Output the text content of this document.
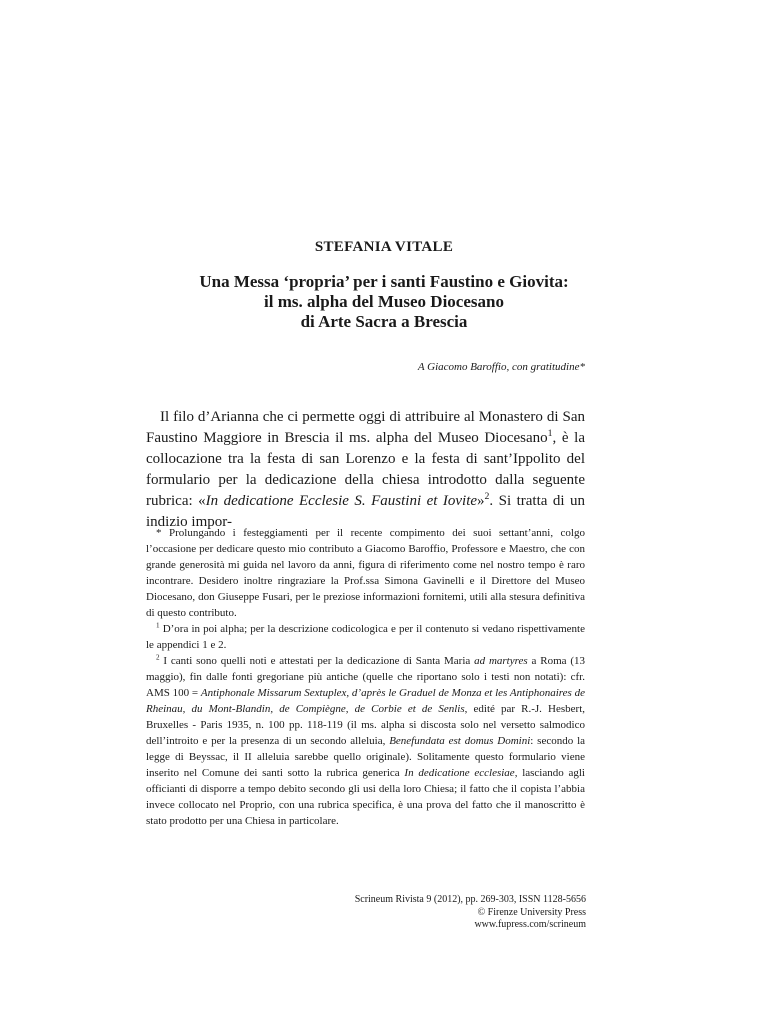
STEFANIA VITALE
Una Messa ‘propria’ per i santi Faustino e Giovita:
il ms. alpha del Museo Diocesano
di Arte Sacra a Brescia
A Giacomo Baroffio, con gratitudine*

Il filo d’Arianna che ci permette oggi di attribuire al Monastero di San Faustino Maggiore in Brescia il ms. alpha del Museo Diocesano$^1$, è la collocazione tra la festa di san Lorenzo e la festa di sant’Ippolito del formulario per la dedicazione della chiesa introdotto dalla seguente rubrica: «In dedicatione Ecclesie S. Faustini et Iovite»$^2$. Si tratta di un indizio impor-

* Prolungando i festeggiamenti per il recente compimento dei suoi settant’anni, colgo l’occasione per dedicare questo mio contributo a Giacomo Baroffio, Professore e Maestro, che con grande generosità mi guida nel lavoro da anni, figura di riferimento come nel nostro tempo è raro incontrare. Desidero inoltre ringraziare la Prof.ssa Simona Gavinelli e il Direttore del Museo Diocesano, don Giuseppe Fusari, per le preziose informazioni fornitemi, utili alla stesura definitiva di questo contributo.

$^1$ D’ora in poi alpha; per la descrizione codicologica e per il contenuto si vedano rispettivamente le appendici 1 e 2.

$^2$ I canti sono quelli noti e attestati per la dedicazione di Santa Maria ad martyres a Roma (13 maggio), fin dalle fonti gregoriane più antiche (quelle che riportano solo i testi non notati): cfr. AMS 100 = Antiphonale Missarum Sextuplex, d’après le Graduel de Monza et les Antiphonaires de Rheinau, du Mont-Blandin, de Compiègne, de Corbie et de Senlis, edité par R.-J. Hesbert, Bruxelles - Paris 1935, n. 100 pp. 118-119 (il ms. alpha si discosta solo nel versetto salmodico dell’introito e per la presenza di un secondo alleluia, Benefundata est domus Domini: secondo la legge di Beyssac, il II alleluia sarebbe quello originale). Solitamente questo formulario viene inserito nel Comune dei santi sotto la rubrica generica In dedicatione ecclesiae, lasciando agli officianti di disporre a tempo debito secondo gli usi della loro Chiesa; il fatto che il copista l’abbia invece collocato nel Proprio, con una rubrica specifica, è una prova del fatto che il manoscritto è stato prodotto per una Chiesa in particolare.

Scrineum Rivista 9 (2012), pp. 269-303, ISSN 1128-5656
© Firenze University Press
www.fupress.com/scrineum
